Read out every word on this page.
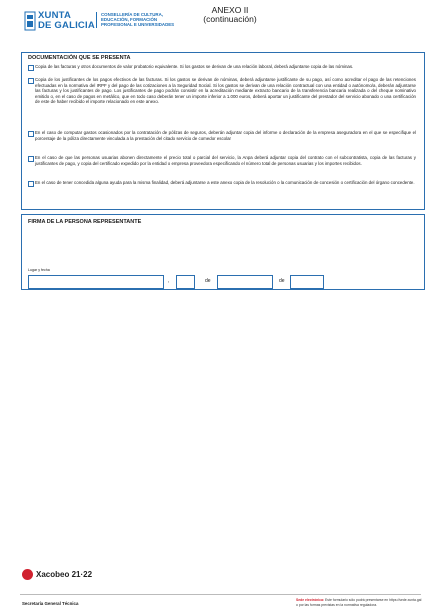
XUNTA
DE GALICIA
CONSELLERÍA DE CULTURA,
EDUCACIÓN, FORMACIÓN
PROFESIONAL E UNIVERSIDADES
ANEXO II
(continuación)
DOCUMENTACIÓN QUE SE PRESENTA
Copia de las facturas y otros documentos de valor probatorio equivalente. Si los gastos se derivan de una relación laboral, deberá adjuntarse copia de las nóminas.
Copia de los justificantes de los pagos efectivos de las facturas. Si los gastos se derivan de nóminas, deberá adjuntarse justificante de su pago, así como acreditar el pago de las retenciones efectuadas en la normativa del IRPF y del pago de las cotizaciones a la Seguridad Social. Si los gastos se derivan de una relación contractual con una entidad o autónomo/a, deberán adjuntarse las facturas y los justificantes de pago. Los justificantes de pago podrán consistir en la acreditación mediante extracto bancario de la transferencia bancaria realizada o del cheque nominativo emitido o, en el caso de pagos en metálico, que en todo caso deberán tener un importe inferior a 1.000 euros, deberá aportar un justificante del prestador del servicio abonado o una certificación de este de haber recibido el importe relacionado en este anexo.
En el caso de computar gastos ocasionados por la contratación de pólizas de seguros, deberán adjuntar copia del informe o declaración de la empresa aseguradora en el que se especifique el porcentaje de la póliza directamente vinculada a la prestación del citado servicio de comedor escolar
En el caso de que las personas usuarias abonen directamente el precio total o parcial del servicio, la Anpa deberá adjuntar copia del contrato con el subcontratista, copia de las facturas y justificantes de pago, y copia del certificado expedido por la entidad o empresa proveedora especificando el número total de personas usuarias y los importes recibidos.
En el caso de tener concedida alguna ayuda para la misma finalidad, deberá adjuntarse a este anexo copia de la resolución o la comunicación de concesión o certificación del órgano concedente.
FIRMA DE LA PERSONA REPRESENTANTE
Lugar y fecha
,	de	de
Xacobeo 21·22
Secretaría General Técnica
Sede electrónica: Este formulario sólo podrá presentarse en https://sede.xunta.gal o por las formas previstas en la normativa reguladora.
